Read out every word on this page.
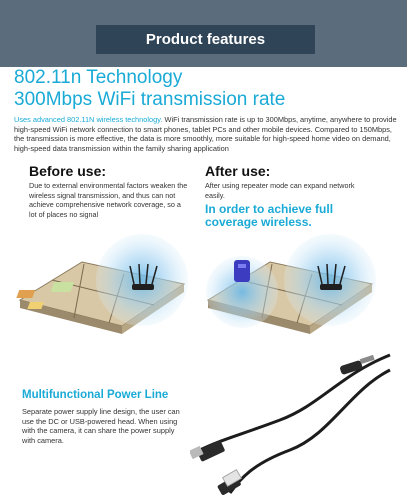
Product features
802.11n Technology
300Mbps WiFi transmission rate
Uses advanced 802.11N wireless technology. WiFi transmission rate is up to 300Mbps, anytime, anywhere to provide high-speed WiFi network connection to smart phones, tablet PCs and other mobile devices. Compared to 150Mbps, the transmission is more effective, the data is more smoothly, more suitable for high-speed home video on demand, high-speed data transmission within the family sharing application
Before use:
Due to external environmental factors weaken the wireless signal transmission, and thus can not achieve comprehensive network coverage, so a lot of places no signal
After use:
After using repeater mode can expand network easily.
In order to achieve full coverage wireless.
Multifunctional Power Line
Separate power supply line design, the user can use the DC or USB-powered head. When using with the camera, it can share the power supply with camera.
